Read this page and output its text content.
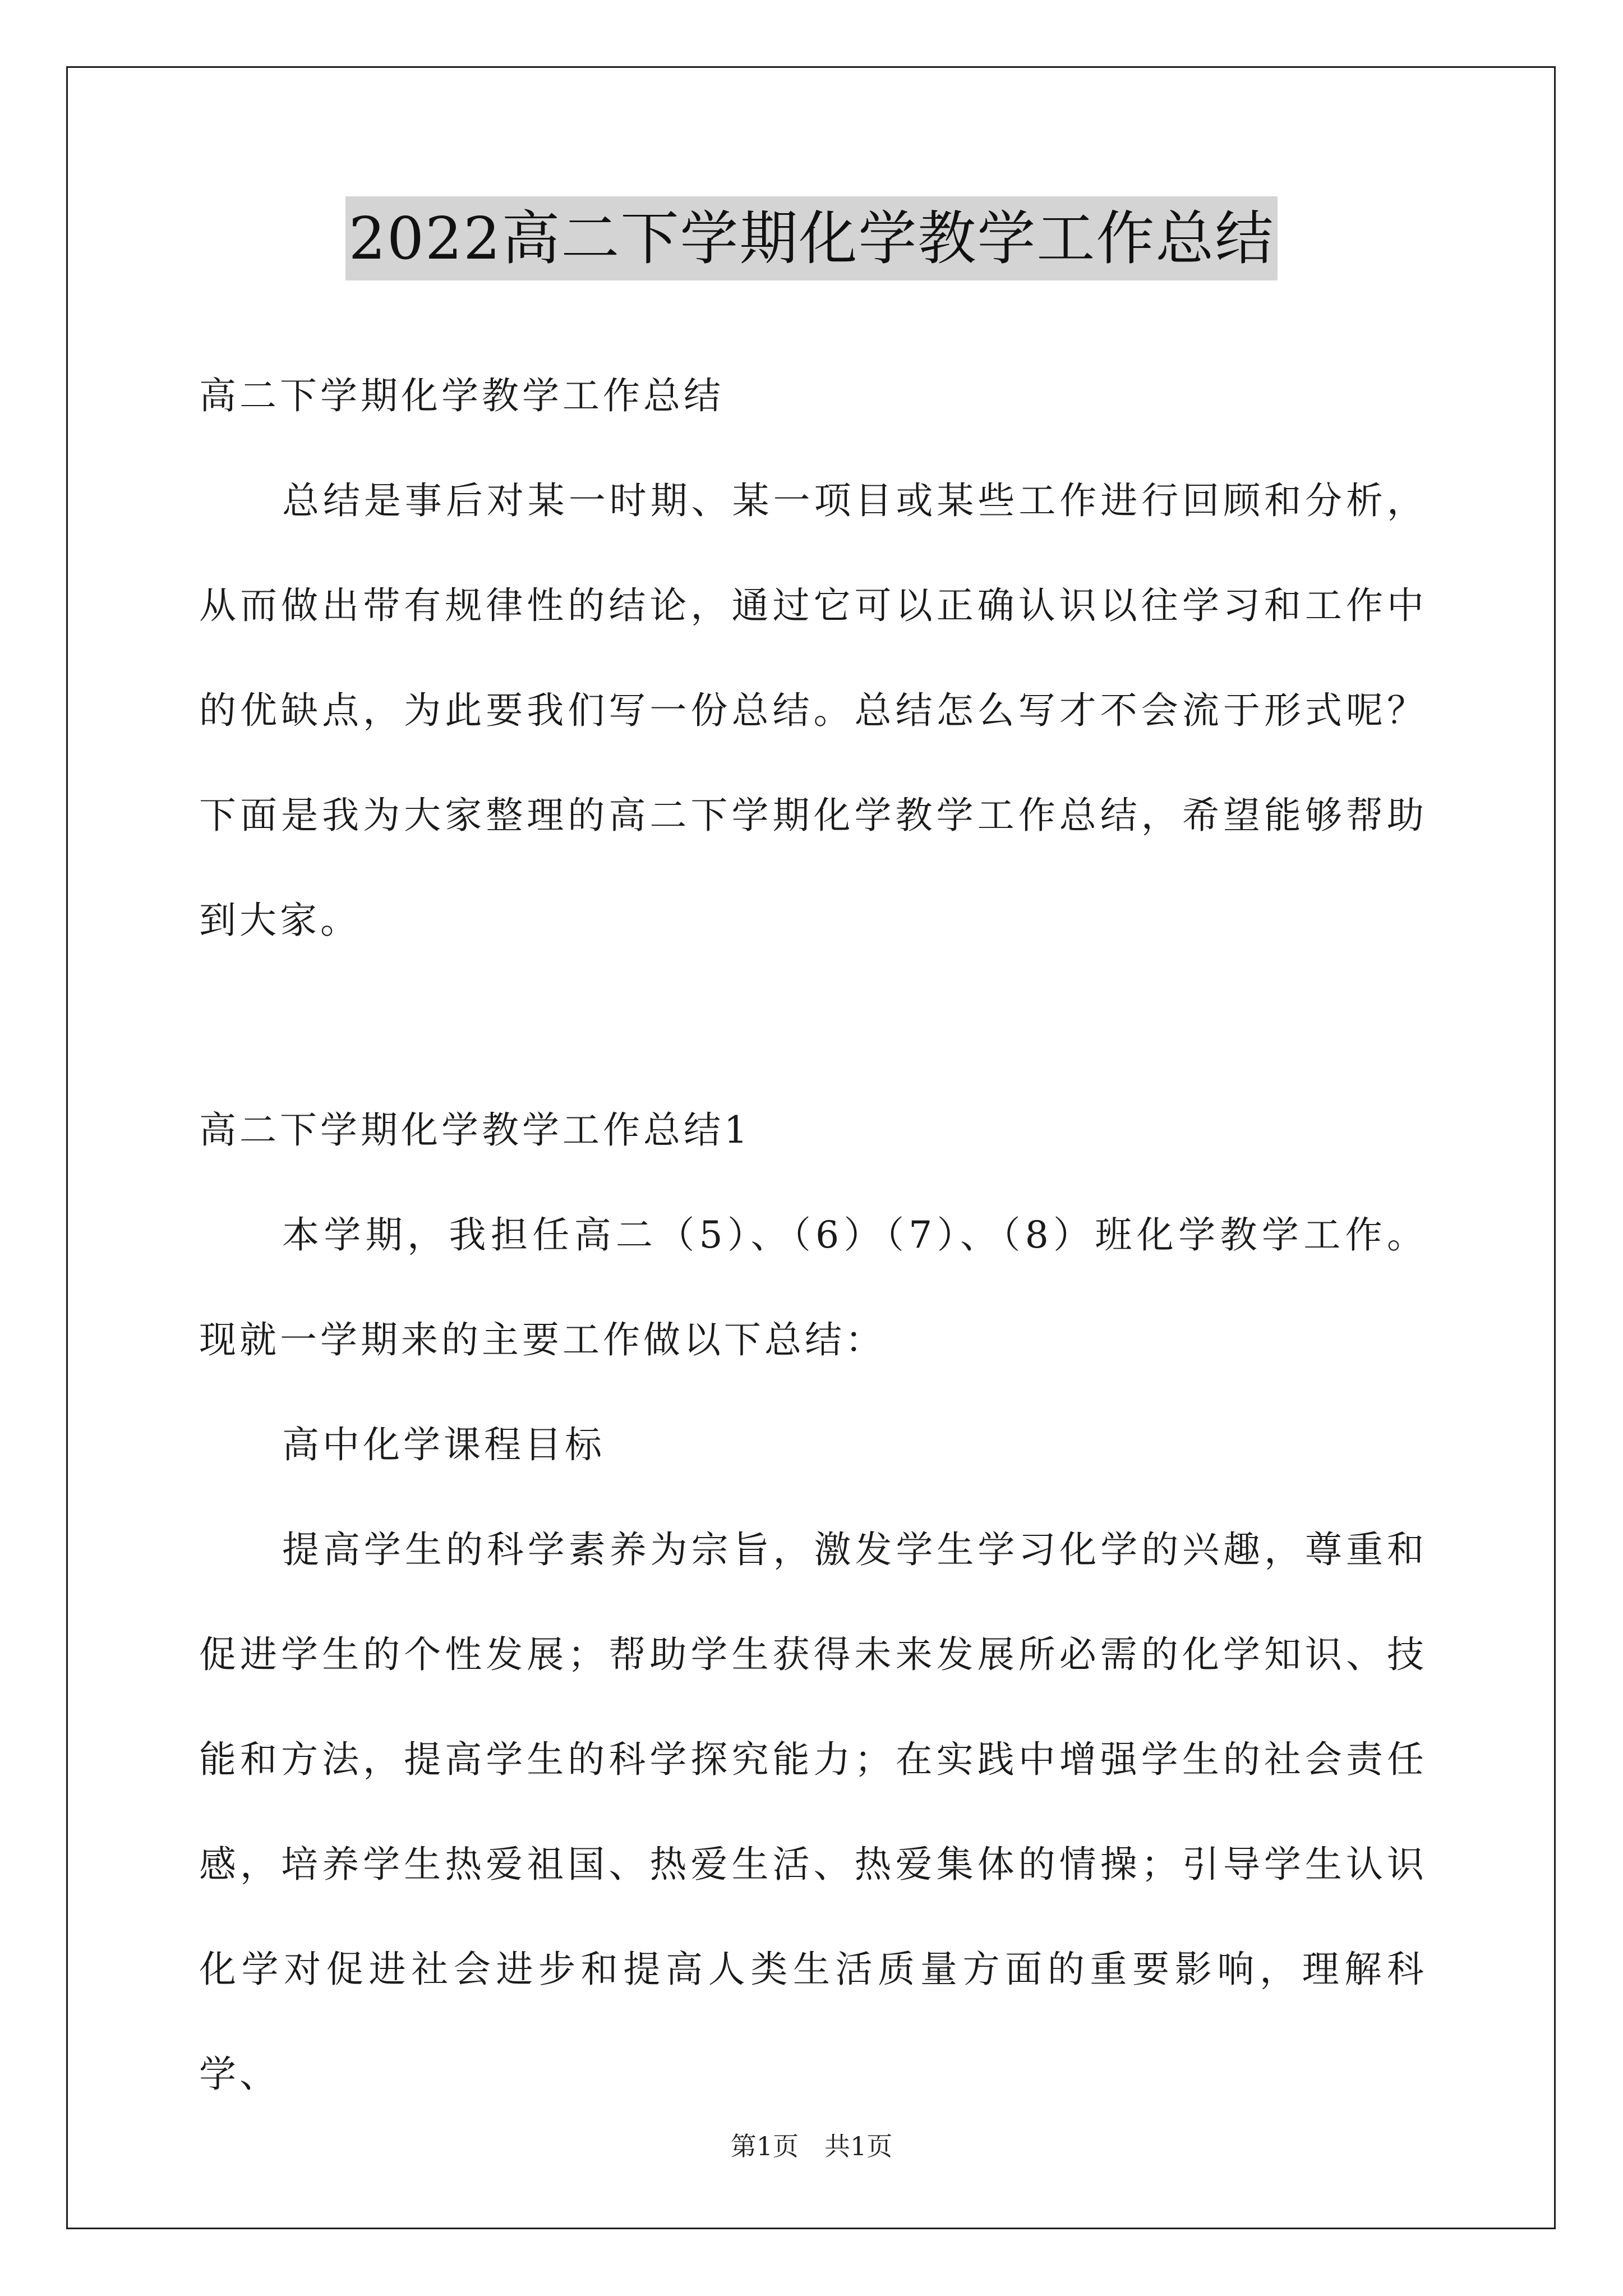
2022高二下学期化学教学工作总结

高二下学期化学教学工作总结

总结是事后对某一时期、某一项目或某些工作进行回顾和分析，从而做出带有规律性的结论，通过它可以正确认识以往学习和工作中的优缺点，为此要我们写一份总结。总结怎么写才不会流于形式呢？下面是我为大家整理的高二下学期化学教学工作总结，希望能够帮助到大家。

高二下学期化学教学工作总结1

本学期，我担任高二（5）、（6）（7）、（8）班化学教学工作。现就一学期来的主要工作做以下总结：

高中化学课程目标

提高学生的科学素养为宗旨，激发学生学习化学的兴趣，尊重和促进学生的个性发展；帮助学生获得未来发展所必需的化学知识、技能和方法，提高学生的科学探究能力；在实践中增强学生的社会责任感，培养学生热爱祖国、热爱生活、热爱集体的情操；引导学生认识化学对促进社会进步和提高人类生活质量方面的重要影响，理解科学、

第1页 共1页
